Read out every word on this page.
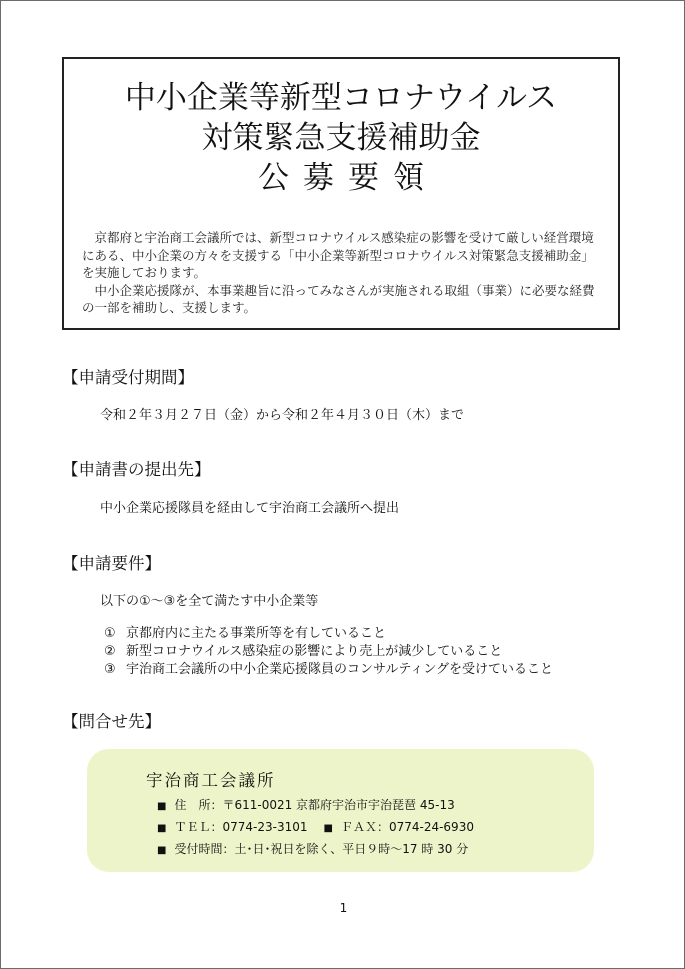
中小企業等新型コロナウイルス
対策緊急支援補助金
公募要領

京都府と宇治商工会議所では、新型コロナウイルス感染症の影響を受けて厳しい経営環境にある、中小企業の方々を支援する「中小企業等新型コロナウイルス対策緊急支援補助金」を実施しております。

中小企業応援隊が、本事業趣旨に沿ってみなさんが実施される取組（事業）に必要な経費の一部を補助し、支援します。

【申請受付期間】
令和２年３月２７日（金）から令和２年４月３０日（木）まで
【申請書の提出先】
中小企業応援隊員を経由して宇治商工会議所へ提出
【申請要件】
以下の①～③を全て満たす中小企業等
① 京都府内に主たる事業所等を有していること
② 新型コロナウイルス感染症の影響により売上が減少していること
③ 宇治商工会議所の中小企業応援隊員のコンサルティングを受けていること
【問合せ先】
宇治商工会議所
■ 住　所：〒611-0021 京都府宇治市宇治琵琶 45-13
■ ＴＥＬ：0774-23-3101 ■ ＦＡＸ：0774-24-6930
■ 受付時間：土･日･祝日を除く、平日９時～17 時 30 分
1
